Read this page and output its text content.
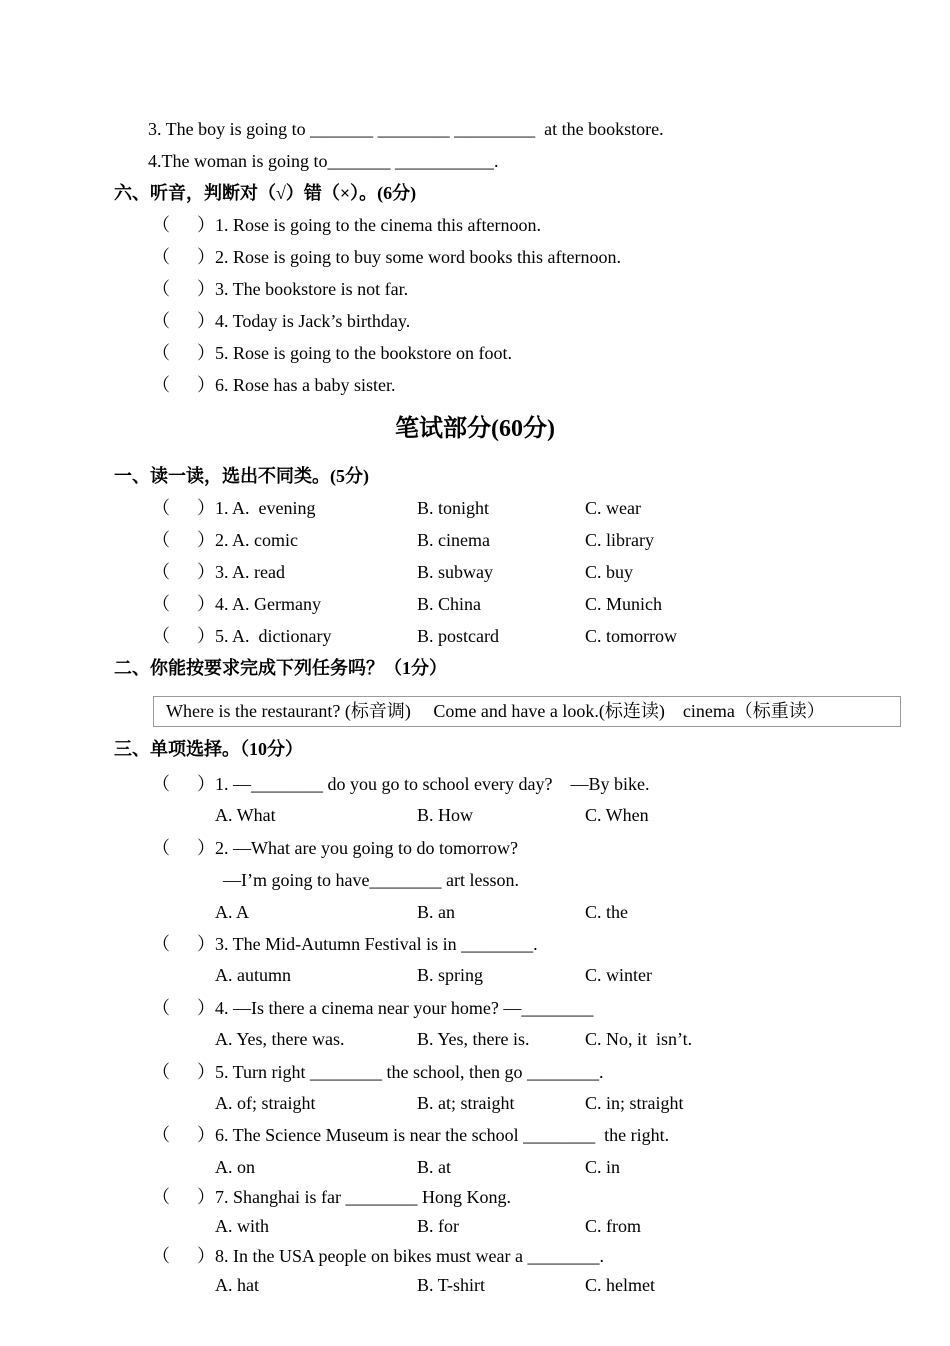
3. The boy is going to _______ ________ _________  at the bookstore.
4.The woman is going to_______ ___________.
六、听音，判断对（√）错（×）。(6分)
（      ） 1. Rose is going to the cinema this afternoon.
（      ） 2. Rose is going to buy some word books this afternoon.
（      ） 3. The bookstore is not far.
（      ） 4. Today is Jack’s birthday.
（      ） 5. Rose is going to the bookstore on foot.
（      ） 6. Rose has a baby sister.
笔试部分(60分)
一、读一读，选出不同类。(5分)
（      ） 1. A.  evening	B. tonight	C. wear
（      ） 2. A. comic	B. cinema	C. library
（      ） 3. A. read	B. subway	C. buy
（      ） 4. A. Germany	B. China	C. Munich
（      ） 5. A.  dictionary	B. postcard	C. tomorrow
二、你能按要求完成下列任务吗？（1分）
Where is the restaurant? (标音调)     Come and have a look.(标连读)    cinema（标重读）
三、单项选择。（10分）
（      ） 1. —________ do you go to school every day?    —By bike.
A. What	B. How	C. When
（      ） 2. —What are you going to do tomorrow?
—I’m going to have________ art lesson.
A. A	B. an	C. the
（      ） 3. The Mid-Autumn Festival is in ________.
A. autumn	B. spring	C. winter
（      ） 4. —Is there a cinema near your home? —________
A. Yes, there was.	B. Yes, there is.	C. No, it  isn’t.
（      ） 5. Turn right ________ the school, then go ________.
A. of; straight	B. at; straight	C. in; straight
（      ） 6. The Science Museum is near the school ________  the right.
A. on	B. at	C. in
（      ） 7. Shanghai is far ________ Hong Kong.
A. with	B. for	C. from
（      ） 8. In the USA people on bikes must wear a ________.
A. hat	B. T-shirt	C. helmet
